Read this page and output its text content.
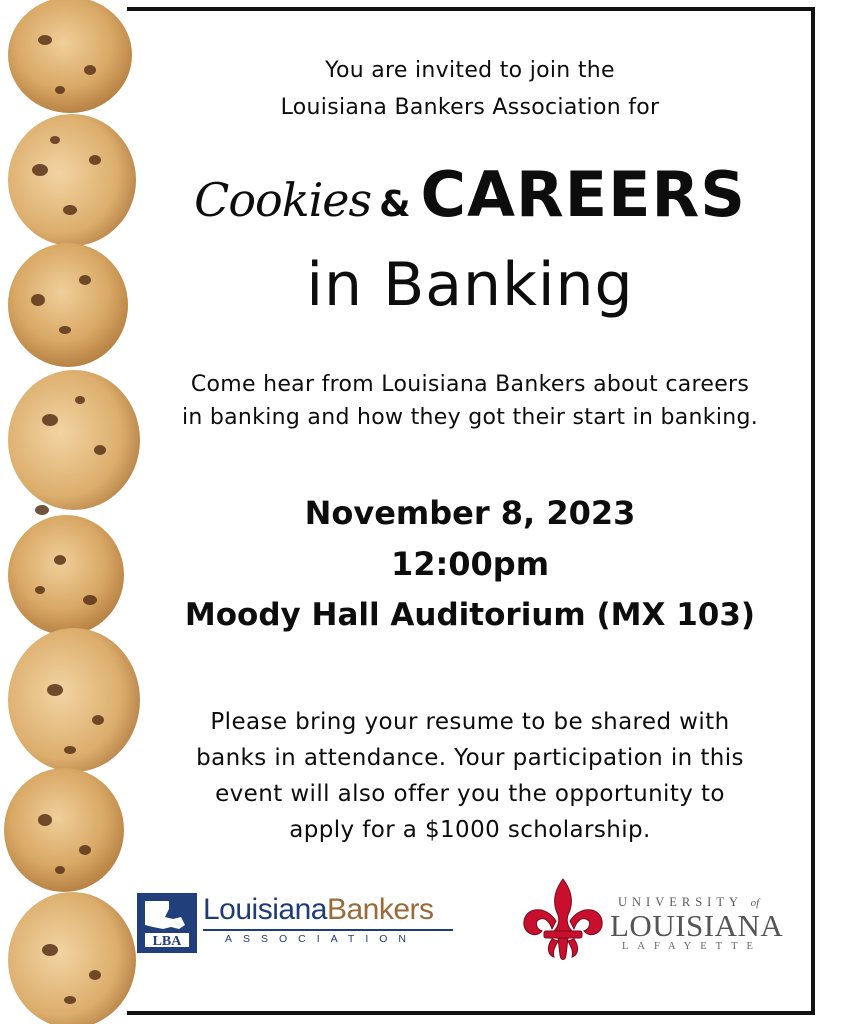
You are invited to join the
Louisiana Bankers Association for
Cookies & CAREERS
in Banking
Come hear from Louisiana Bankers about careers
in banking and how they got their start in banking.
November 8, 2023
12:00pm
Moody Hall Auditorium (MX 103)
Please bring your resume to be shared with
banks in attendance. Your participation in this
event will also offer you the opportunity to
apply for a $1000 scholarship.
LBA
LouisianaBankers
ASSOCIATION
UNIVERSITY of
LOUISIANA
LAFAYETTE
